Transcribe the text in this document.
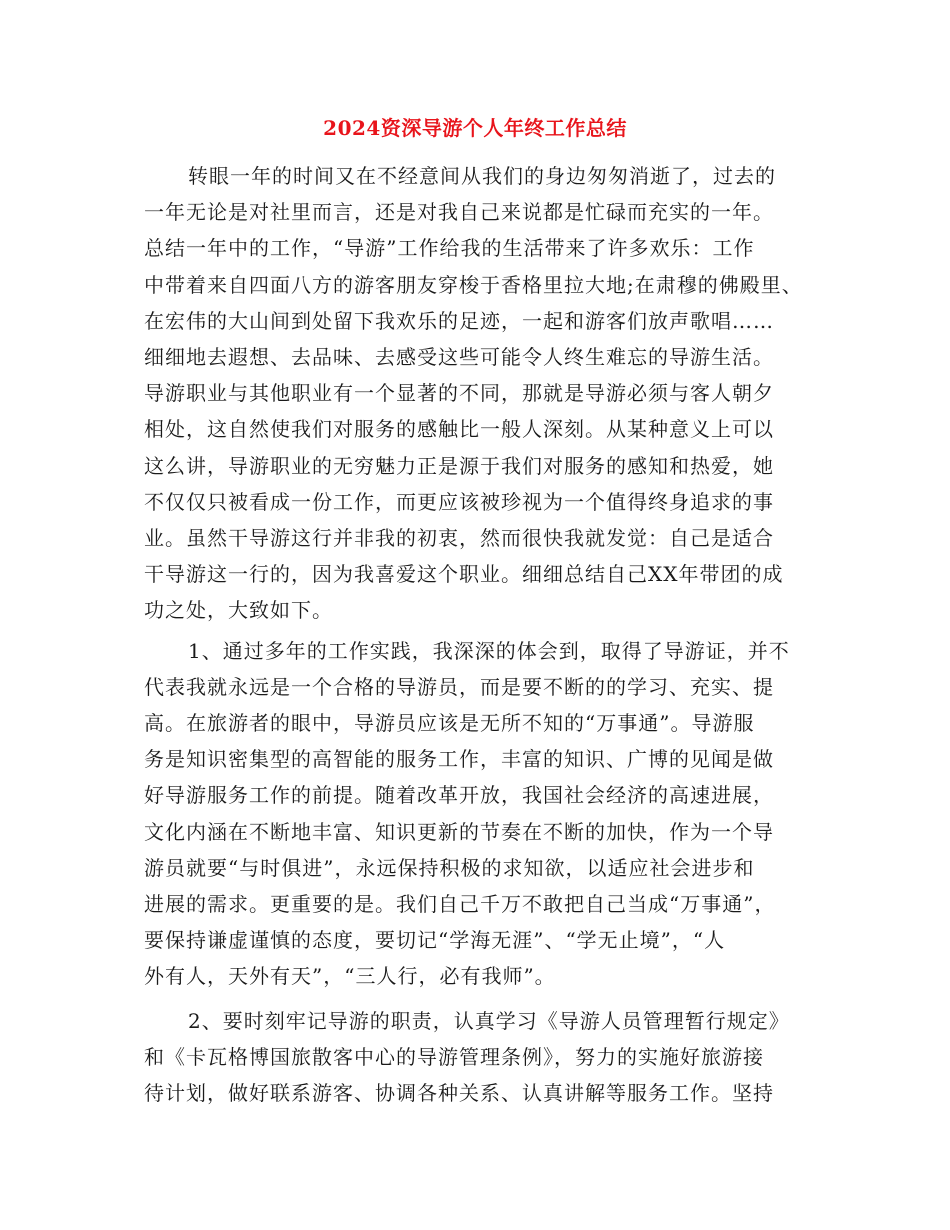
2024资深导游个人年终工作总结
转眼一年的时间又在不经意间从我们的身边匆匆消逝了，过去的
一年无论是对社里而言，还是对我自己来说都是忙碌而充实的一年。
总结一年中的工作，“导游”工作给我的生活带来了许多欢乐：工作
中带着来自四面八方的游客朋友穿梭于香格里拉大地;在肃穆的佛殿里、
在宏伟的大山间到处留下我欢乐的足迹，一起和游客们放声歌唱……
细细地去遐想、去品味、去感受这些可能令人终生难忘的导游生活。
导游职业与其他职业有一个显著的不同，那就是导游必须与客人朝夕
相处，这自然使我们对服务的感触比一般人深刻。从某种意义上可以
这么讲，导游职业的无穷魅力正是源于我们对服务的感知和热爱，她
不仅仅只被看成一份工作，而更应该被珍视为一个值得终身追求的事
业。虽然干导游这行并非我的初衷，然而很快我就发觉：自己是适合
干导游这一行的，因为我喜爱这个职业。细细总结自己XX年带团的成
功之处，大致如下。
1、通过多年的工作实践，我深深的体会到，取得了导游证，并不
代表我就永远是一个合格的导游员，而是要不断的的学习、充实、提
高。在旅游者的眼中，导游员应该是无所不知的“万事通”。导游服
务是知识密集型的高智能的服务工作，丰富的知识、广博的见闻是做
好导游服务工作的前提。随着改革开放，我国社会经济的高速进展，
文化内涵在不断地丰富、知识更新的节奏在不断的加快，作为一个导
游员就要“与时俱进”，永远保持积极的求知欲，以适应社会进步和
进展的需求。更重要的是。我们自己千万不敢把自己当成“万事通”，
要保持谦虚谨慎的态度，要切记“学海无涯”、“学无止境”，“人
外有人，天外有天”，“三人行，必有我师”。
2、要时刻牢记导游的职责，认真学习《导游人员管理暂行规定》
和《卡瓦格博国旅散客中心的导游管理条例》，努力的实施好旅游接
待计划，做好联系游客、协调各种关系、认真讲解等服务工作。坚持
